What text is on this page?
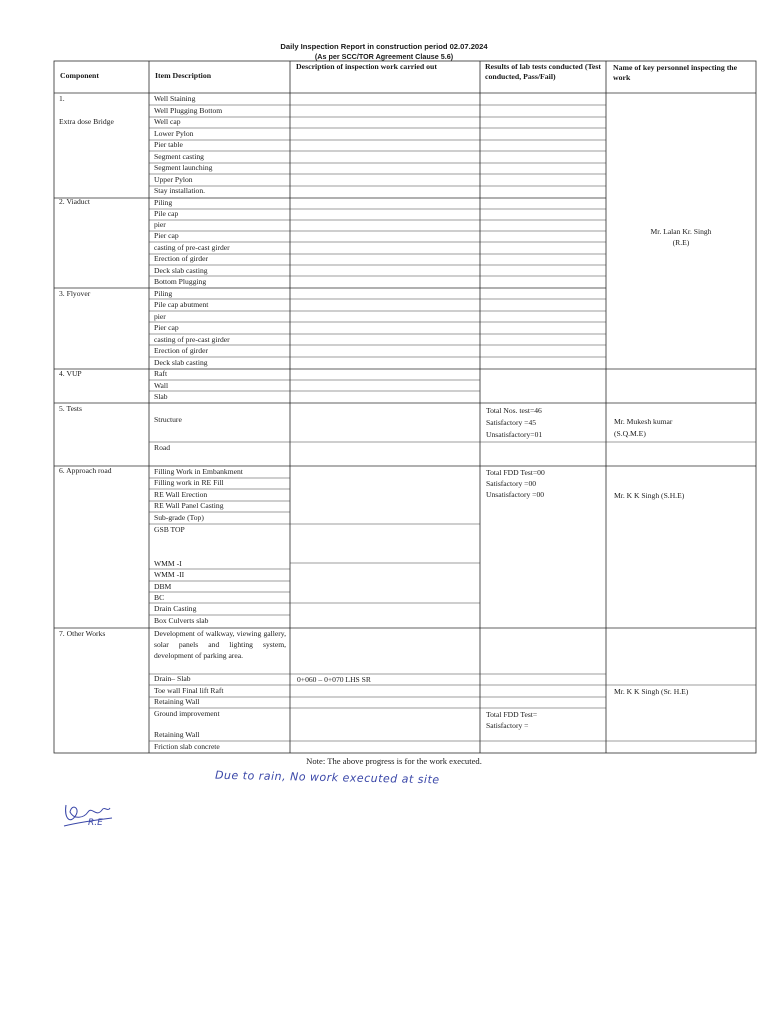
Daily Inspection Report in construction period 02.07.2024
(As per SCC/TOR Agreement Clause 5.6)
Component	Item Description
Description of inspection work carried out	Results of lab tests conducted (Test conducted, Pass/Fail)
Name of key personnel inspecting the work
1.
Extra dose Bridge
2. Viaduct
3. Flyover
4. VUP
5. Tests
6. Approach road
7. Other Works
Well Staining
Well Plugging Bottom
Well cap
Lower Pylon
Pier table
Segment casting
Segment launching
Upper Pylon
Stay installation.
Piling
Pile cap
pier
Pier cap
casting of pre-cast girder
Erection of girder
Deck slab casting
Bottom Plugging
Piling
Pile cap abutment
pier
Pier cap
casting of pre-cast girder
Erection of girder
Deck slab casting
Raft
Wall
Slab
Structure
Road
Filling Work in Embankment
Filling work in RE Fill
RE Wall Erection
RE Wall Panel Casting
Sub-grade (Top)
GSB TOP
WMM -I
WMM -II
DBM
BC
Drain Casting
Box Culverts slab
Development of walkway, viewing gallery, solar panels and lighting system, development of parking area.
Drain– Slab
Toe wall Final lift Raft
Retaining Wall
Ground improvement
Retaining Wall
Friction slab concrete
0+060 – 0+070 LHS SR
Total Nos. test=46
Satisfactory =45
Unsatisfactory=01
Total FDD Test=00
Satisfactory =00
Unsatisfactory =00
Total FDD Test=
Satisfactory =
Mr. Lalan Kr. Singh
(R.E)
Mr. Mukesh kumar
(S.Q.M.E)
Mr. K K Singh (S.H.E)
Mr. K K Singh (Sr. H.E)
Note: The above progress is for the work executed.
Due to rain, No work executed at site
R.E
